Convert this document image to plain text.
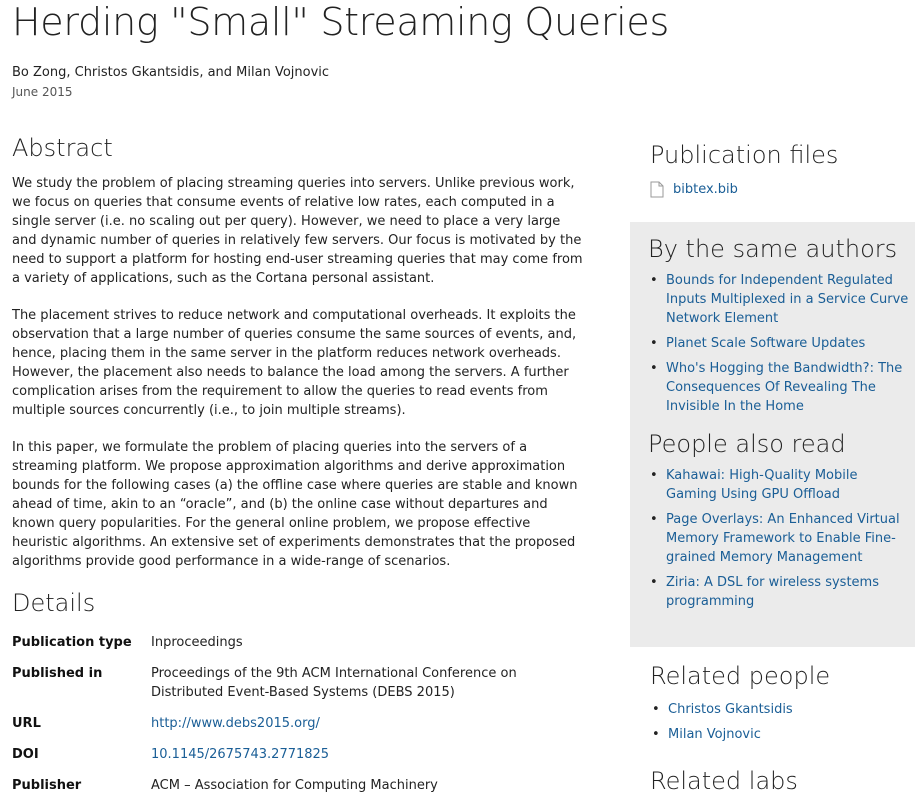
Herding "Small" Streaming Queries
Bo Zong, Christos Gkantsidis, and Milan Vojnovic
June 2015
Abstract

We study the problem of placing streaming queries into servers. Unlike previous work, we focus on queries that consume events of relative low rates, each computed in a single server (i.e. no scaling out per query). However, we need to place a very large and dynamic number of queries in relatively few servers. Our focus is motivated by the need to support a platform for hosting end-user streaming queries that may come from a variety of applications, such as the Cortana personal assistant.

The placement strives to reduce network and computational overheads. It exploits the observation that a large number of queries consume the same sources of events, and, hence, placing them in the same server in the platform reduces network overheads. However, the placement also needs to balance the load among the servers. A further complication arises from the requirement to allow the queries to read events from multiple sources concurrently (i.e., to join multiple streams).

In this paper, we formulate the problem of placing queries into the servers of a streaming platform. We propose approximation algorithms and derive approximation bounds for the following cases (a) the offline case where queries are stable and known ahead of time, akin to an “oracle”, and (b) the online case without departures and known query popularities. For the general online problem, we propose effective heuristic algorithms. An extensive set of experiments demonstrates that the proposed algorithms provide good performance in a wide-range of scenarios.

Details
Publication type	Inproceedings
Published in	Proceedings of the 9th ACM International Conference on Distributed Event-Based Systems (DEBS 2015)
URL	http://www.debs2015.org/
DOI	10.1145/2675743.2771825
Publisher	ACM – Association for Computing Machinery
Publication files
bibtex.bib
By the same authors
• Bounds for Independent Regulated Inputs Multiplexed in a Service Curve Network Element
• Planet Scale Software Updates
• Who's Hogging the Bandwidth?: The Consequences Of Revealing The Invisible In the Home
People also read
• Kahawai: High-Quality Mobile Gaming Using GPU Offload
• Page Overlays: An Enhanced Virtual Memory Framework to Enable Fine-grained Memory Management
• Ziria: A DSL for wireless systems programming
Related people
• Christos Gkantsidis
• Milan Vojnovic
Related labs
